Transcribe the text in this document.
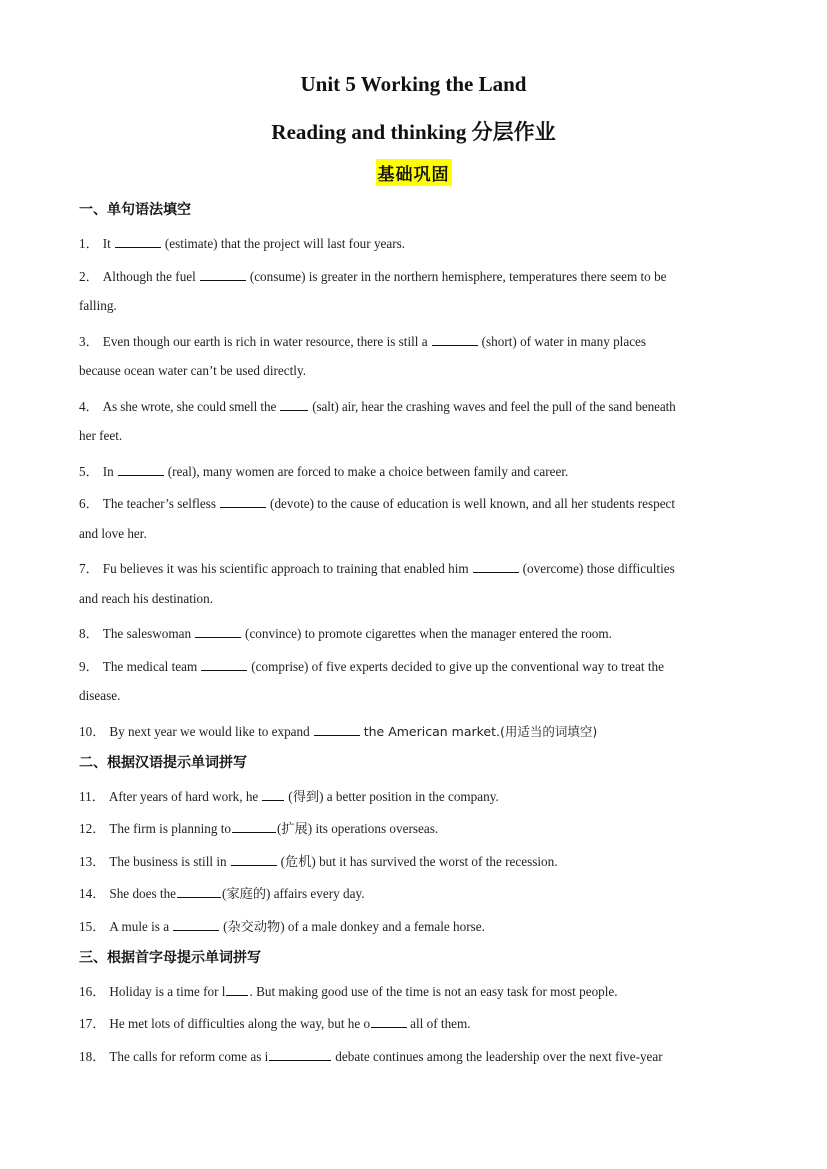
Unit 5 Working the Land
Reading and thinking 分层作业
基础巩固
一、单句语法填空
1． It	(estimate) that the project will last four years.
2． Although the fuel	(consume) is greater in the northern hemisphere, temperatures there seem to be
falling.
3． Even though our earth is rich in water resource, there is still a	(short) of water in many places
because ocean water can’t be used directly.
4． As she wrote, she could smell the	(salt) air, hear the crashing waves and feel the pull of the sand beneath
her feet.
5． In	(real), many women are forced to make a choice between family and career.
6． The teacher’s selfless	(devote) to the cause of education is well known, and all her students respect
and love her.
7． Fu believes it was his scientific approach to training that enabled him	(overcome) those difficulties
and reach his destination.
8． The saleswoman	(convince) to promote cigarettes when the manager entered the room.
9． The medical team	(comprise) of five experts decided to give up the conventional way to treat the
disease.
10． By next year we would like to expand	the American market.(用适当的词填空)
二、根据汉语提示单词拼写
11． After years of hard work, he (得到) a better position in the company.
12． The firm is planning to	(扩展) its operations overseas.
13． The business is still in	(危机) but it has survived the worst of the recession.
14． She does the	(家庭的) affairs every day.
15． A mule is a	(杂交动物) of a male donkey and a female horse.
三、根据首字母提示单词拼写
16． Holiday is a time for l . But making good use of the time is not an easy task for most people.
17． He met lots of difficulties along the way, but he o	all of them.
18． The calls for reform come as i	debate continues among the leadership over the next five-year
